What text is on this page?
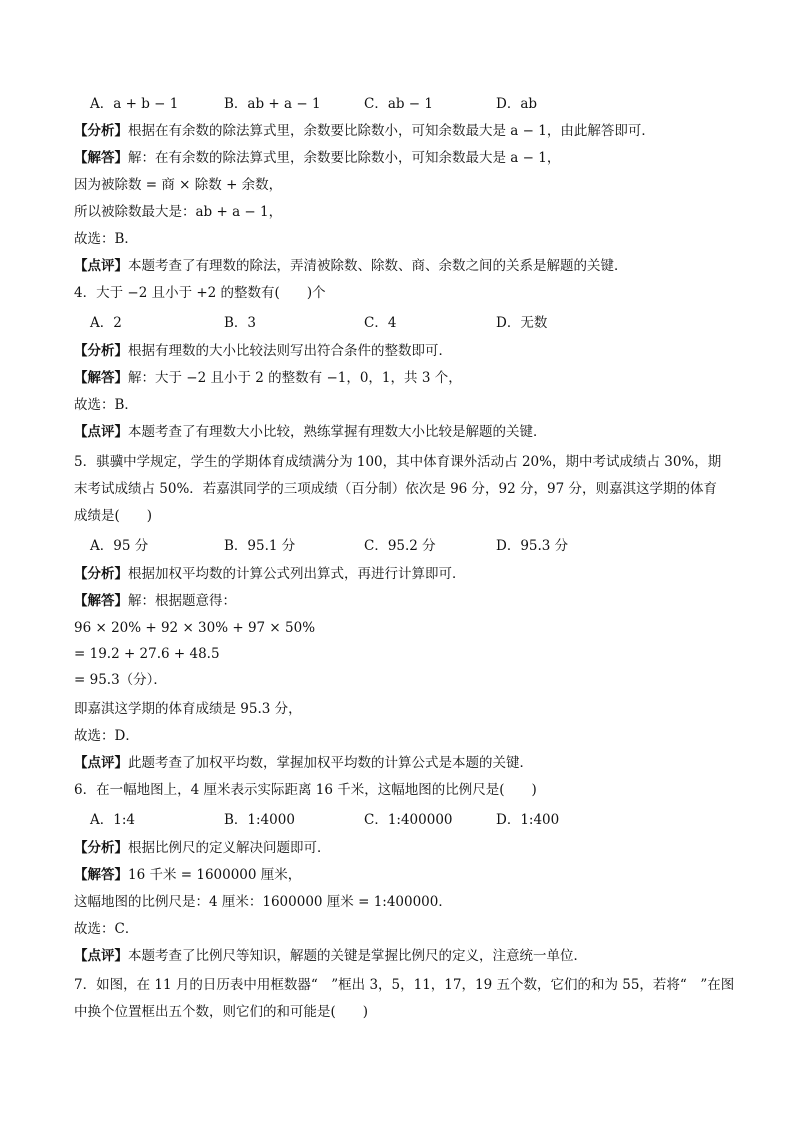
A．a + b − 1	B．ab + a − 1	C．ab − 1	D．ab
【分析】根据在有余数的除法算式里，余数要比除数小，可知余数最大是 a − 1，由此解答即可．
【解答】解：在有余数的除法算式里，余数要比除数小，可知余数最大是 a − 1，
因为被除数 = 商 × 除数 + 余数，
所以被除数最大是：ab + a − 1，
故选：B．
【点评】本题考查了有理数的除法，弄清被除数、除数、商、余数之间的关系是解题的关键．
4．大于 −2 且小于 +2 的整数有(　　)个
A．2	B．3	C．4	D．无数
【分析】根据有理数的大小比较法则写出符合条件的整数即可．
【解答】解：大于 −2 且小于 2 的整数有 −1，0，1，共 3 个，
故选：B．
【点评】本题考查了有理数大小比较，熟练掌握有理数大小比较是解题的关键．
5．骐骥中学规定，学生的学期体育成绩满分为 100，其中体育课外活动占 20%，期中考试成绩占 30%，期
末考试成绩占 50%．若嘉淇同学的三项成绩（百分制）依次是 96 分，92 分，97 分，则嘉淇这学期的体育
成绩是(　　)
A．95 分	B．95.1 分	C．95.2 分	D．95.3 分
【分析】根据加权平均数的计算公式列出算式，再进行计算即可．
【解答】解：根据题意得：
96 × 20% + 92 × 30% + 97 × 50%
= 19.2 + 27.6 + 48.5
= 95.3（分）．
即嘉淇这学期的体育成绩是 95.3 分，
故选：D．
【点评】此题考查了加权平均数，掌握加权平均数的计算公式是本题的关键．
6．在一幅地图上，4 厘米表示实际距离 16 千米，这幅地图的比例尺是(　　)
A．1:4	B．1:4000	C．1:400000	D．1:400
【分析】根据比例尺的定义解决问题即可．
【解答】16 千米 = 1600000 厘米，
这幅地图的比例尺是：4 厘米：1600000 厘米 = 1:400000．
故选：C．
【点评】本题考查了比例尺等知识，解题的关键是掌握比例尺的定义，注意统一单位．
7．如图，在 11 月的日历表中用框数器“　”框出 3，5，11，17，19 五个数，它们的和为 55，若将“　”在图
中换个位置框出五个数，则它们的和可能是(　　)
